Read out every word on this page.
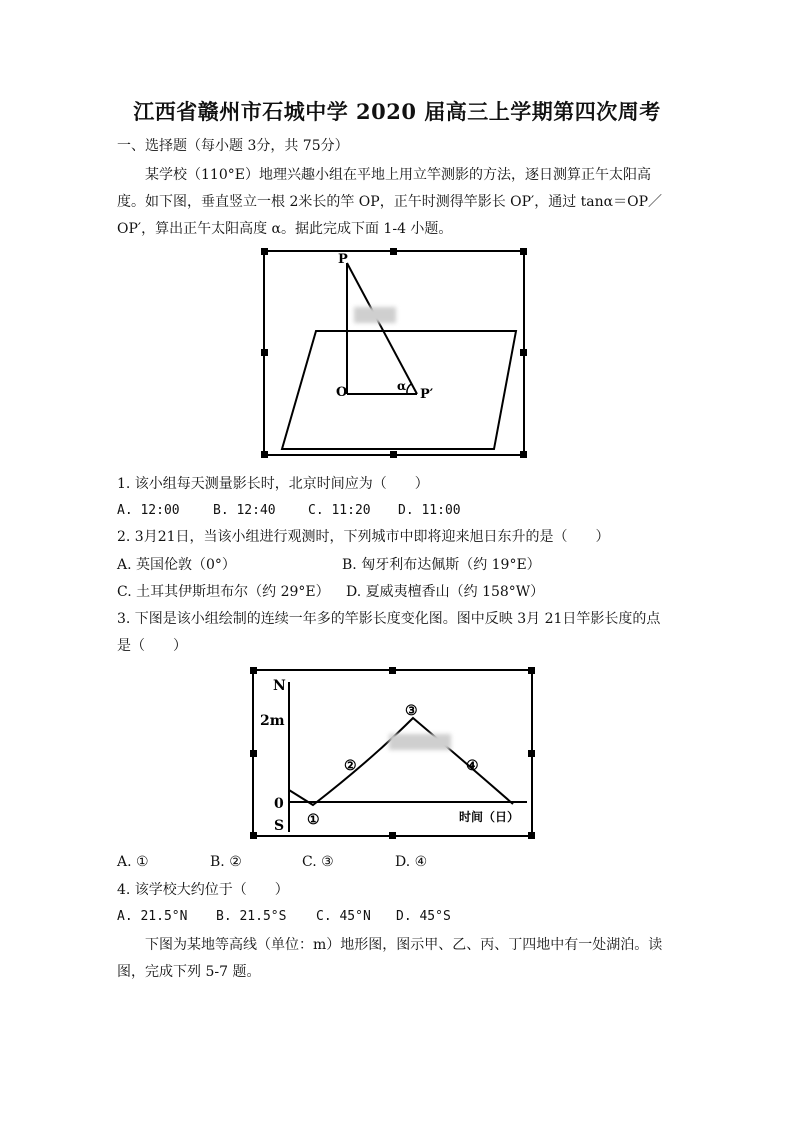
江西省赣州市石城中学 2020 届高三上学期第四次周考
一、选择题（每小题 3分，共 75分）
某学校（110°E）地理兴趣小组在平地上用立竿测影的方法，逐日测算正午太阳高
度。如下图，垂直竖立一根 2米长的竿 OP，正午时测得竿影长 OP′，通过 tanα＝OP／
OP′，算出正午太阳高度 α。据此完成下面 1-4 小题。
P
O	α
P′
1. 该小组每天测量影长时，北京时间应为（　　）
A. 12:00	B. 12:40 C. 11:20 D. 11:00
2. 3月21日，当该小组进行观测时，下列城市中即将迎来旭日东升的是（　　）
A. 英国伦敦（0°）	B. 匈牙利布达佩斯（约 19°E）
C. 土耳其伊斯坦布尔（约 29°E） D. 夏威夷檀香山（约 158°W）
3. 下图是该小组绘制的连续一年多的竿影长度变化图。图中反映 3月 21日竿影长度的点
是（　　）
N
2m
0
S
时间（日）
①
②
③
④
A. ①	B. ②	C. ③	D. ④
4. 该学校大约位于（　　）
A. 21.5°N B. 21.5°S C. 45°N D. 45°S
下图为某地等高线（单位：m）地形图，图示甲、乙、丙、丁四地中有一处湖泊。读
图，完成下列 5-7 题。
